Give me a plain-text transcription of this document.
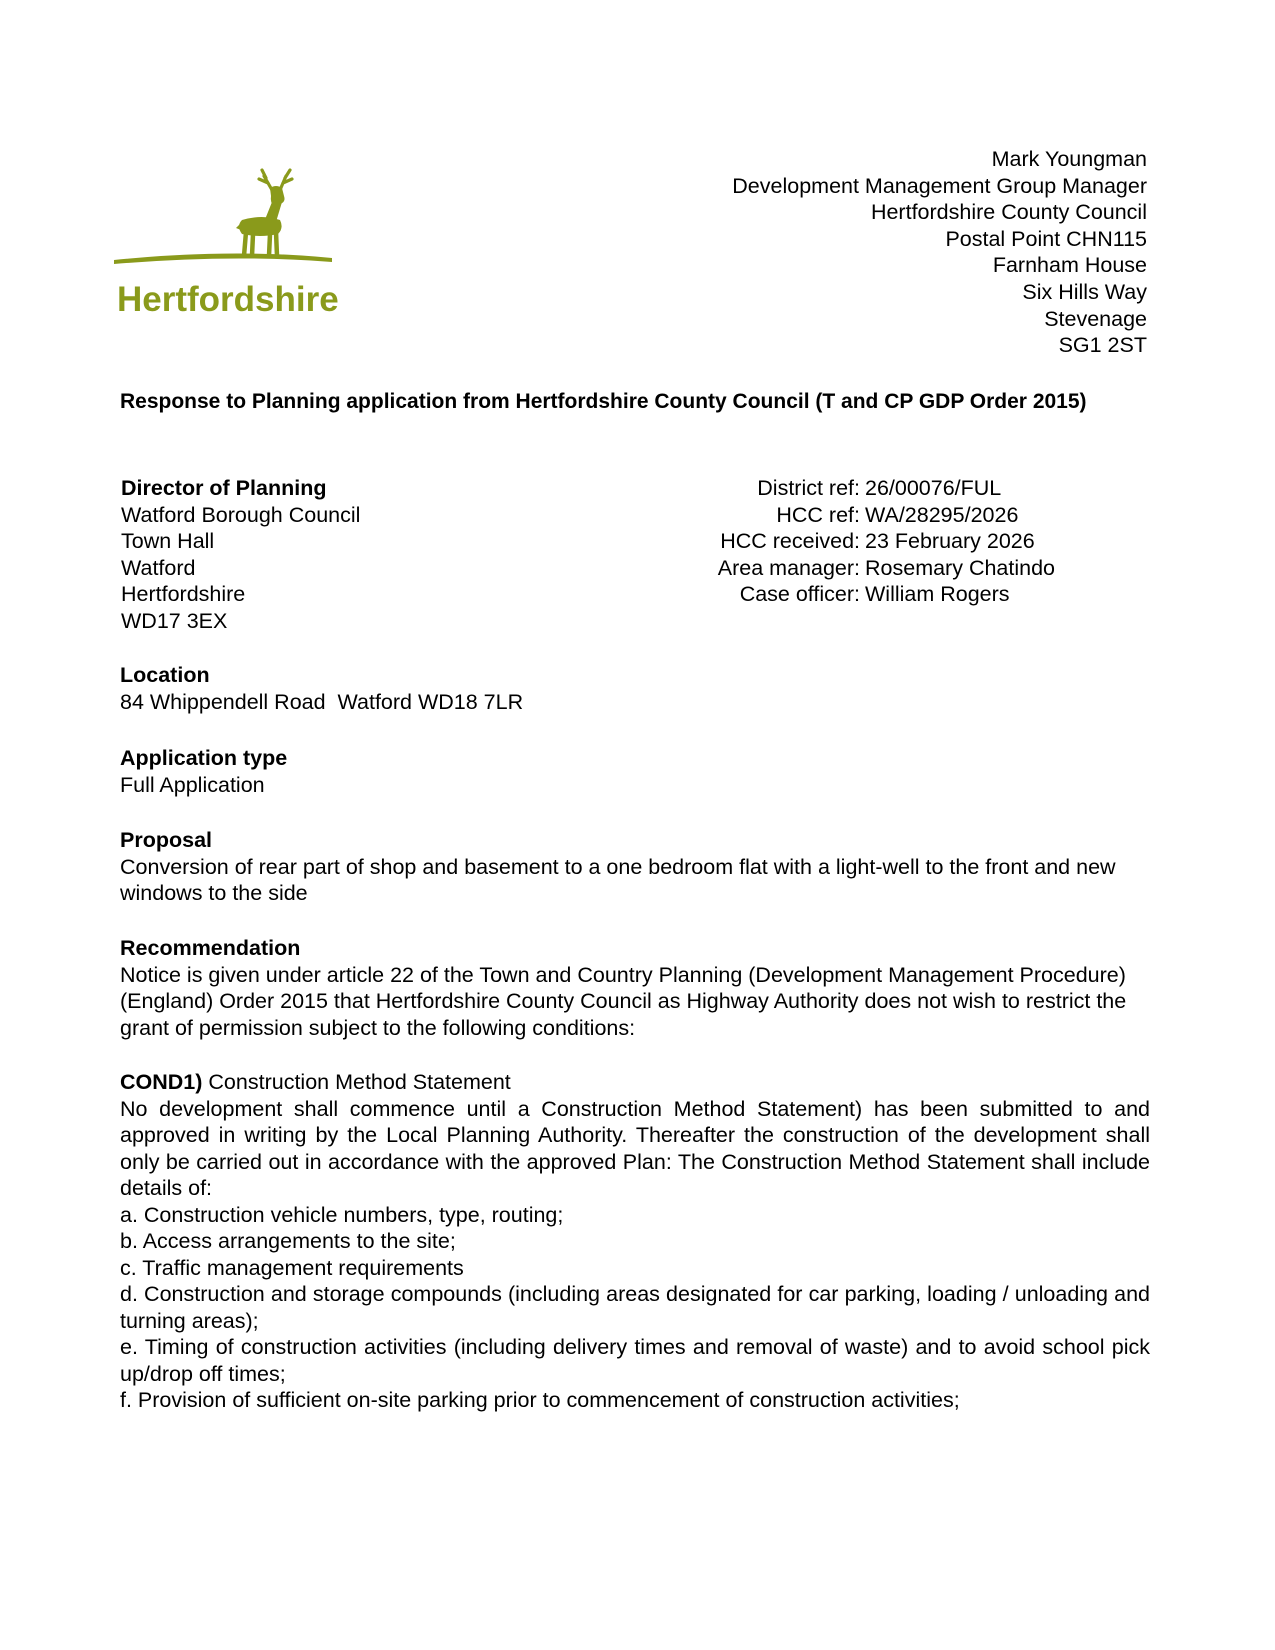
Hertfordshire
Mark Youngman
Development Management Group Manager
Hertfordshire County Council
Postal Point CHN115
Farnham House
Six Hills Way
Stevenage
SG1 2ST
Response to Planning application from Hertfordshire County Council (T and CP GDP Order 2015)
Director of Planning
Watford Borough Council
Town Hall
Watford
Hertfordshire
WD17 3EX
District ref:	26/00076/FUL
HCC ref:	WA/28295/2026
HCC received:	23 February 2026
Area manager:	Rosemary Chatindo
Case officer:	William Rogers
Location
84 Whippendell Road  Watford WD18 7LR
Application type
Full Application
Proposal
Conversion of rear part of shop and basement to a one bedroom flat with a light-well to the front and new windows to the side
Recommendation
Notice is given under article 22 of the Town and Country Planning (Development Management Procedure) (England) Order 2015 that Hertfordshire County Council as Highway Authority does not wish to restrict the grant of permission subject to the following conditions:
COND1) Construction Method Statement
No development shall commence until a Construction Method Statement) has been submitted to and approved in writing by the Local Planning Authority. Thereafter the construction of the development shall only be carried out in accordance with the approved Plan: The Construction Method Statement shall include details of:
a. Construction vehicle numbers, type, routing;
b. Access arrangements to the site;
c. Traffic management requirements
d. Construction and storage compounds (including areas designated for car parking, loading / unloading and turning areas);
e. Timing of construction activities (including delivery times and removal of waste) and to avoid school pick up/drop off times;
f. Provision of sufficient on-site parking prior to commencement of construction activities;
